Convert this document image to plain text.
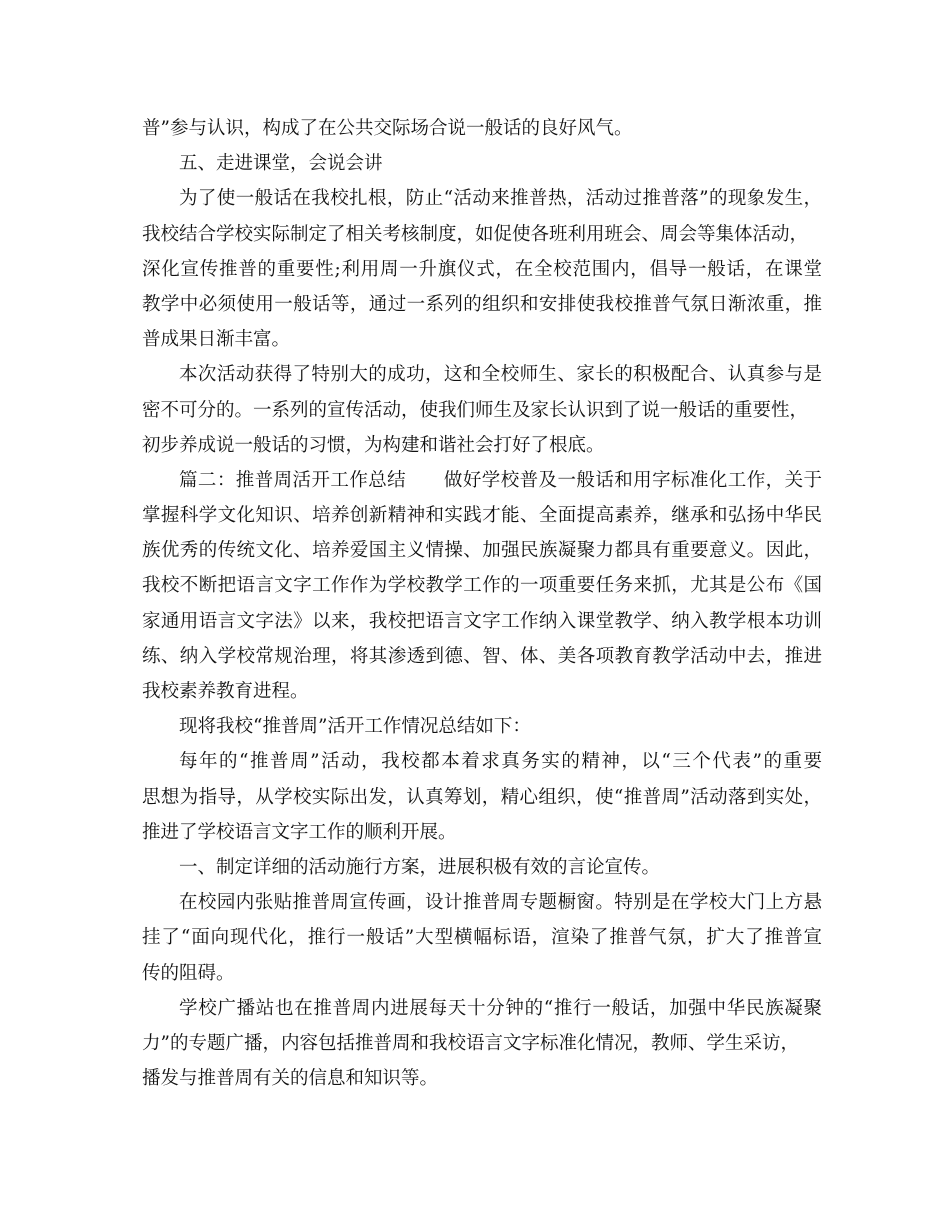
普”参与认识，构成了在公共交际场合说一般话的良好风气。
五、走进课堂，会说会讲
为了使一般话在我校扎根，防止“活动来推普热，活动过推普落”的现象发生，
我校结合学校实际制定了相关考核制度，如促使各班利用班会、周会等集体活动，
深化宣传推普的重要性;利用周一升旗仪式，在全校范围内，倡导一般话，在课堂
教学中必须使用一般话等，通过一系列的组织和安排使我校推普气氛日渐浓重，推
普成果日渐丰富。
本次活动获得了特别大的成功，这和全校师生、家长的积极配合、认真参与是
密不可分的。一系列的宣传活动，使我们师生及家长认识到了说一般话的重要性，
初步养成说一般话的习惯，为构建和谐社会打好了根底。
篇二：推普周活开工作总结　　做好学校普及一般话和用字标准化工作，关于
掌握科学文化知识、培养创新精神和实践才能、全面提高素养，继承和弘扬中华民
族优秀的传统文化、培养爱国主义情操、加强民族凝聚力都具有重要意义。因此，
我校不断把语言文字工作作为学校教学工作的一项重要任务来抓，尤其是公布《国
家通用语言文字法》以来，我校把语言文字工作纳入课堂教学、纳入教学根本功训
练、纳入学校常规治理，将其渗透到德、智、体、美各项教育教学活动中去，推进
我校素养教育进程。
现将我校“推普周”活开工作情况总结如下：
每年的“推普周”活动，我校都本着求真务实的精神，以“三个代表”的重要
思想为指导，从学校实际出发，认真筹划，精心组织，使“推普周”活动落到实处，
推进了学校语言文字工作的顺利开展。
一、制定详细的活动施行方案，进展积极有效的言论宣传。
在校园内张贴推普周宣传画，设计推普周专题橱窗。特别是在学校大门上方悬
挂了“面向现代化，推行一般话”大型横幅标语，渲染了推普气氛，扩大了推普宣
传的阻碍。
学校广播站也在推普周内进展每天十分钟的“推行一般话，加强中华民族凝聚
力”的专题广播，内容包括推普周和我校语言文字标准化情况，教师、学生采访，
播发与推普周有关的信息和知识等。
